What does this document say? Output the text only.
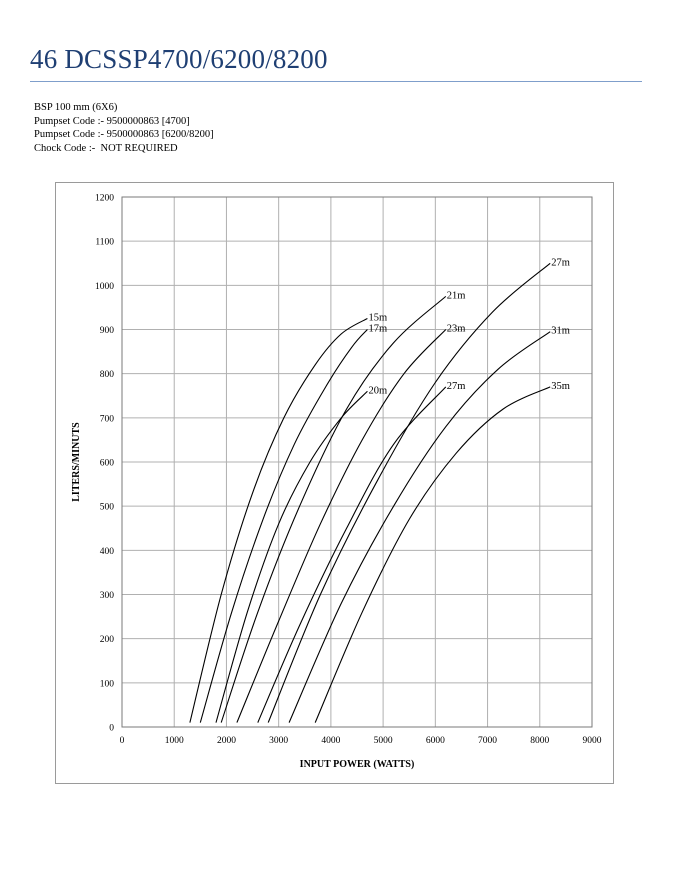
46 DCSSP4700/6200/8200
BSP 100 mm (6X6)
Pumpset Code :- 9500000863 [4700]
Pumpset Code :- 9500000863 [6200/8200]
Chock Code :-  NOT REQUIRED
0	1000	2000	3000	4000	5000	6000	7000	8000	9000
0
100
200
300
400
500
600
700
800
900
1000
1100
1200
INPUT POWER (WATTS)
LITERS/MINUTS
15m
17m
20m
21m
23m
27m
27m
31m
35m
